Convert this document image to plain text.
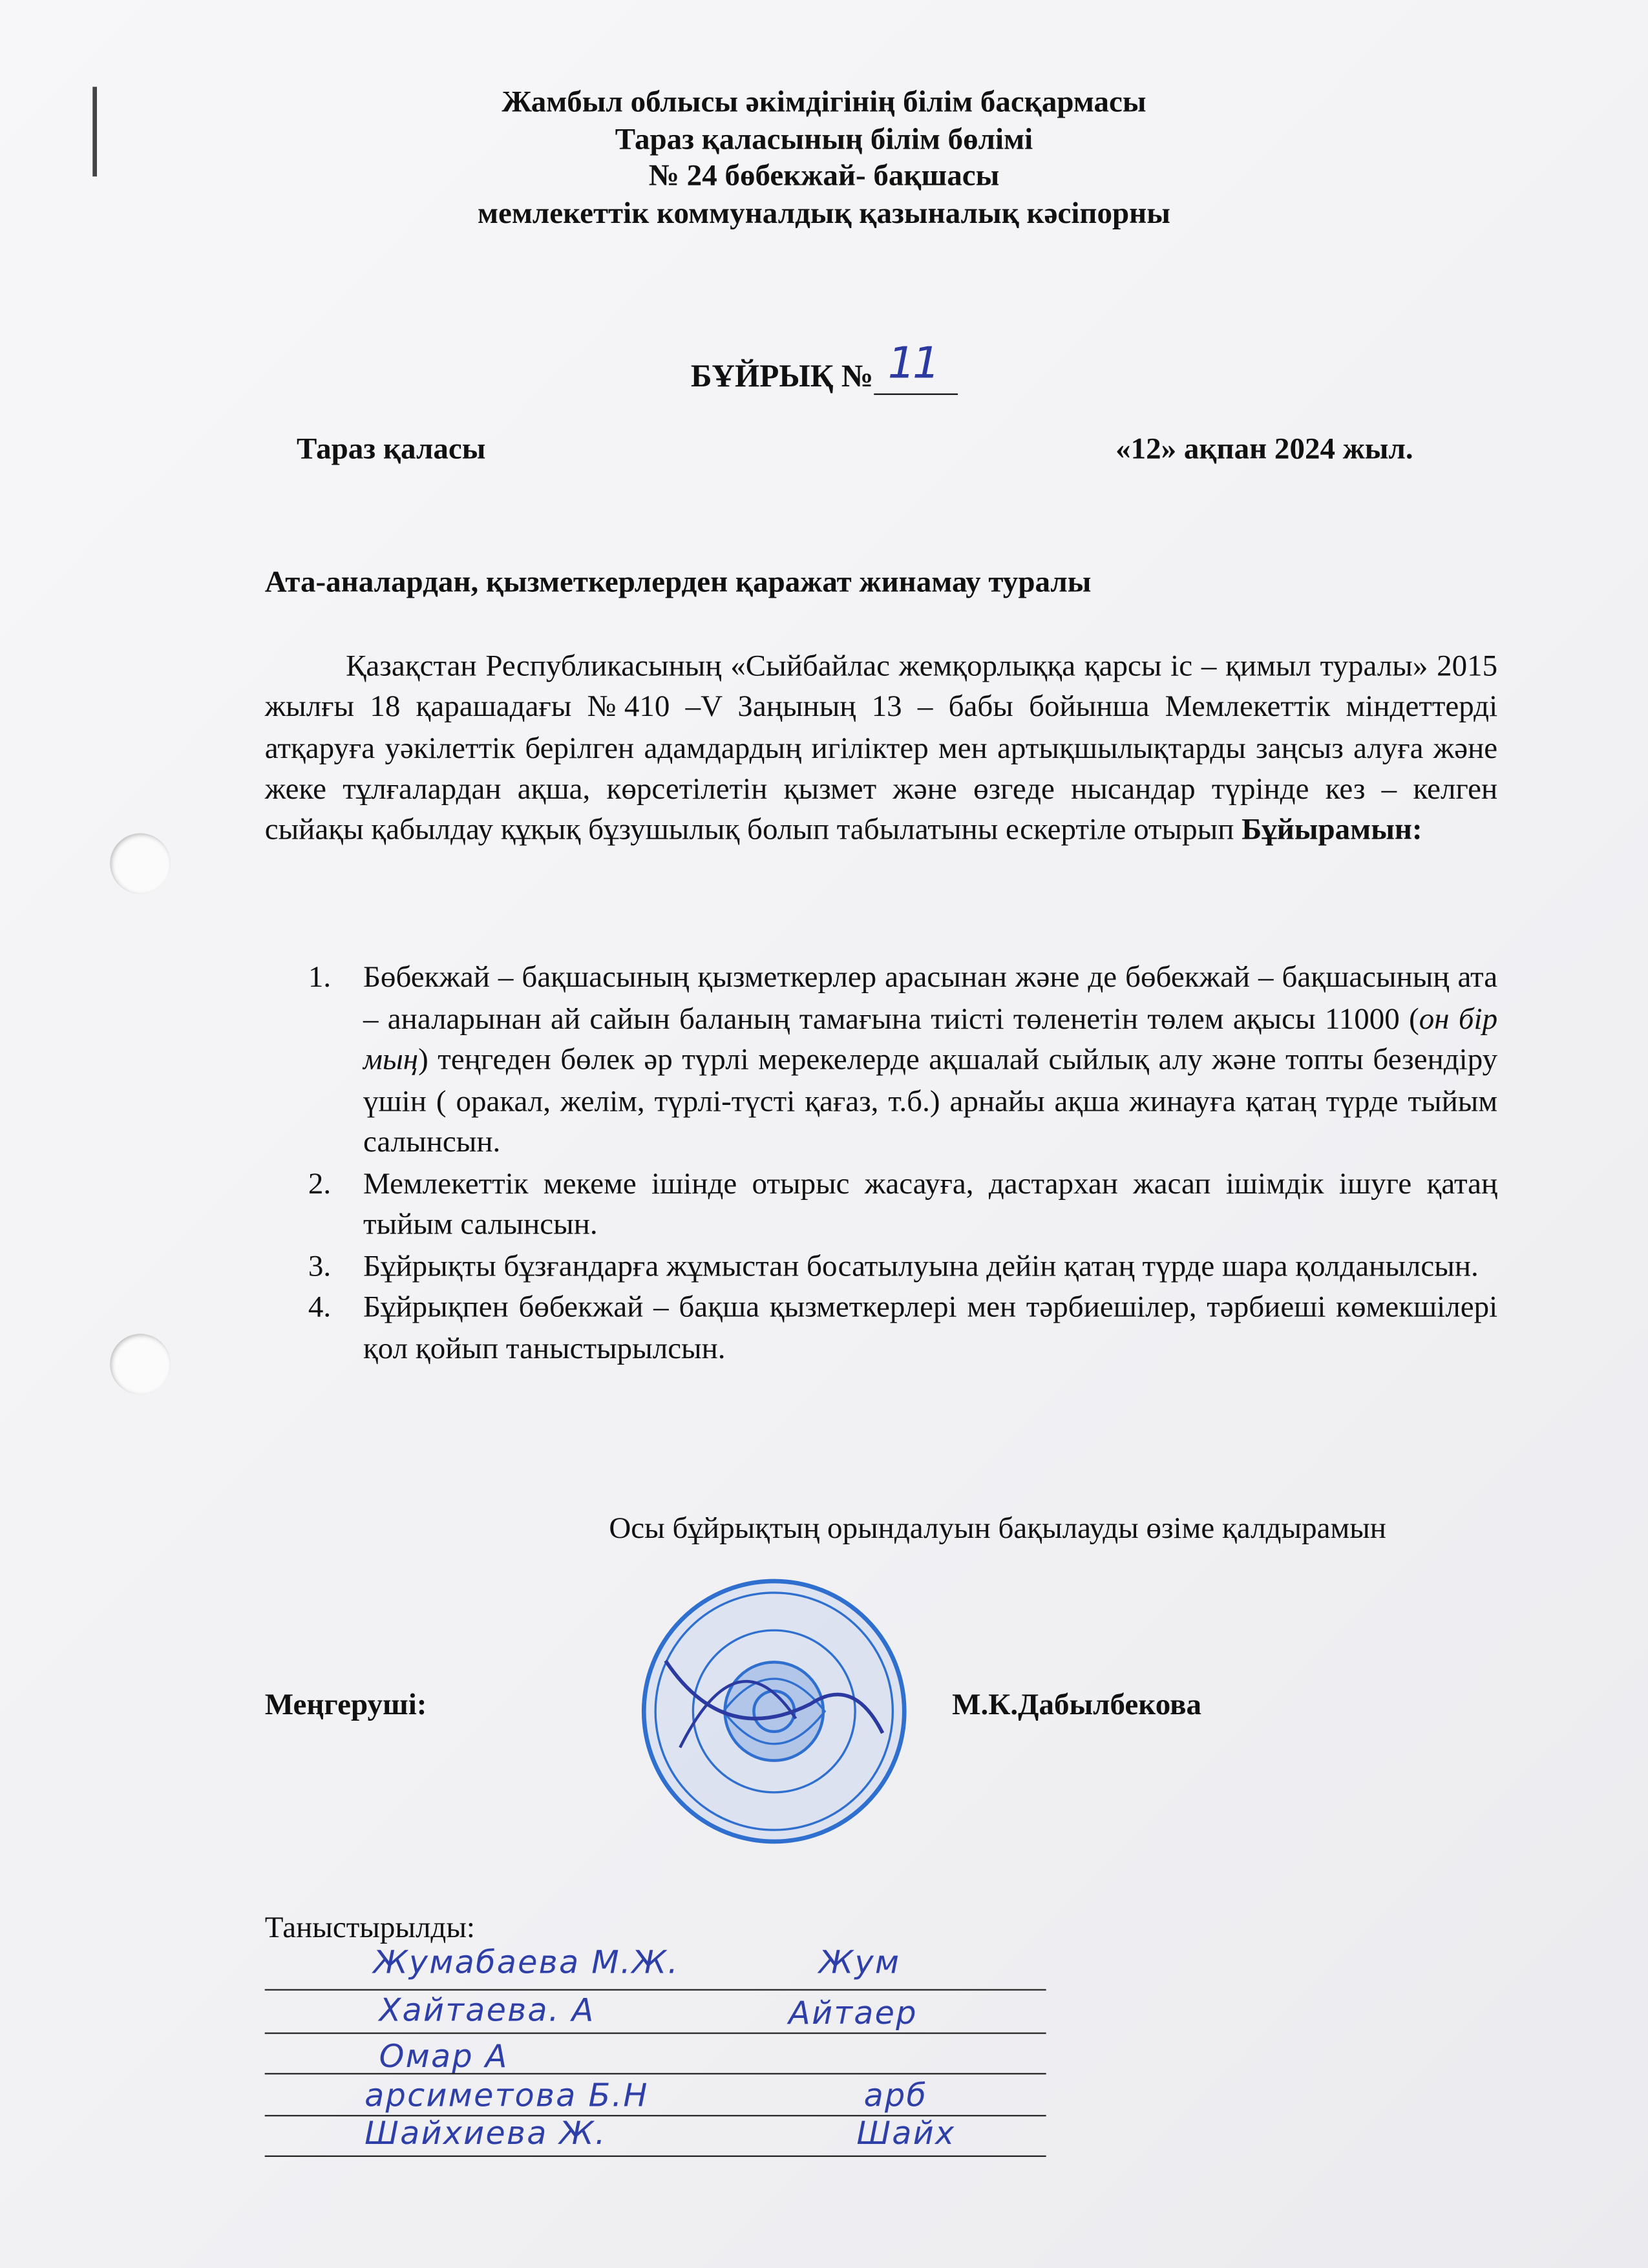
Жамбыл облысы әкімдігінің білім басқармасы
Тараз қаласының білім бөлімі
№ 24 бөбекжай- бақшасы
мемлекеттік коммуналдық қазыналық кәсіпорны
БҰЙРЫҚ № 11
Тараз қаласы	«12» ақпан 2024 жыл.
Ата-аналардан, қызметкерлерден қаражат жинамау туралы
Қазақстан Республикасының «Сыйбайлас жемқорлыққа қарсы іс – қимыл туралы» 2015 жылғы 18 қарашадағы №410 –V Заңының 13 – бабы бойынша Мемлекеттік міндеттерді атқаруға уәкілеттік берілген адамдардың игіліктер мен артықшылықтарды заңсыз алуға және жеке тұлғалардан ақша, көрсетілетін қызмет және өзгеде нысандар түрінде кез – келген сыйақы қабылдау құқық бұзушылық болып табылатыны ескертіле отырып Бұйырамын:
1. Бөбекжай – бақшасының қызметкерлер арасынан және де бөбекжай – бақшасының ата – аналарынан ай сайын баланың тамағына тиісті төленетін төлем ақысы 11000 (он бір мың) теңгеден бөлек әр түрлі мерекелерде ақшалай сыйлық алу және топты безендіру үшін ( оракал, желім, түрлі-түсті қағаз, т.б.) арнайы ақша жинауға қатаң түрде тыйым салынсын.
2. Мемлекеттік мекеме ішінде отырыс жасауға, дастархан жасап ішімдік ішуге қатаң тыйым салынсын.
3. Бұйрықты бұзғандарға жұмыстан босатылуына дейін қатаң түрде шара қолданылсын.
4. Бұйрықпен бөбекжай – бақша қызметкерлері мен тәрбиешілер, тәрбиеші көмекшілері қол қойып таныстырылсын.
Осы бұйрықтың орындалуын бақылауды өзіме қалдырамын
Меңгеруші:	М.К.Дабылбекова
Таныстырылды:
Жумабаева М.Ж.	Жум
Хайтаева. А	Айтаер
Омар А
арсиметова Б.Н	арб
Шайхиева Ж.	Шайх
